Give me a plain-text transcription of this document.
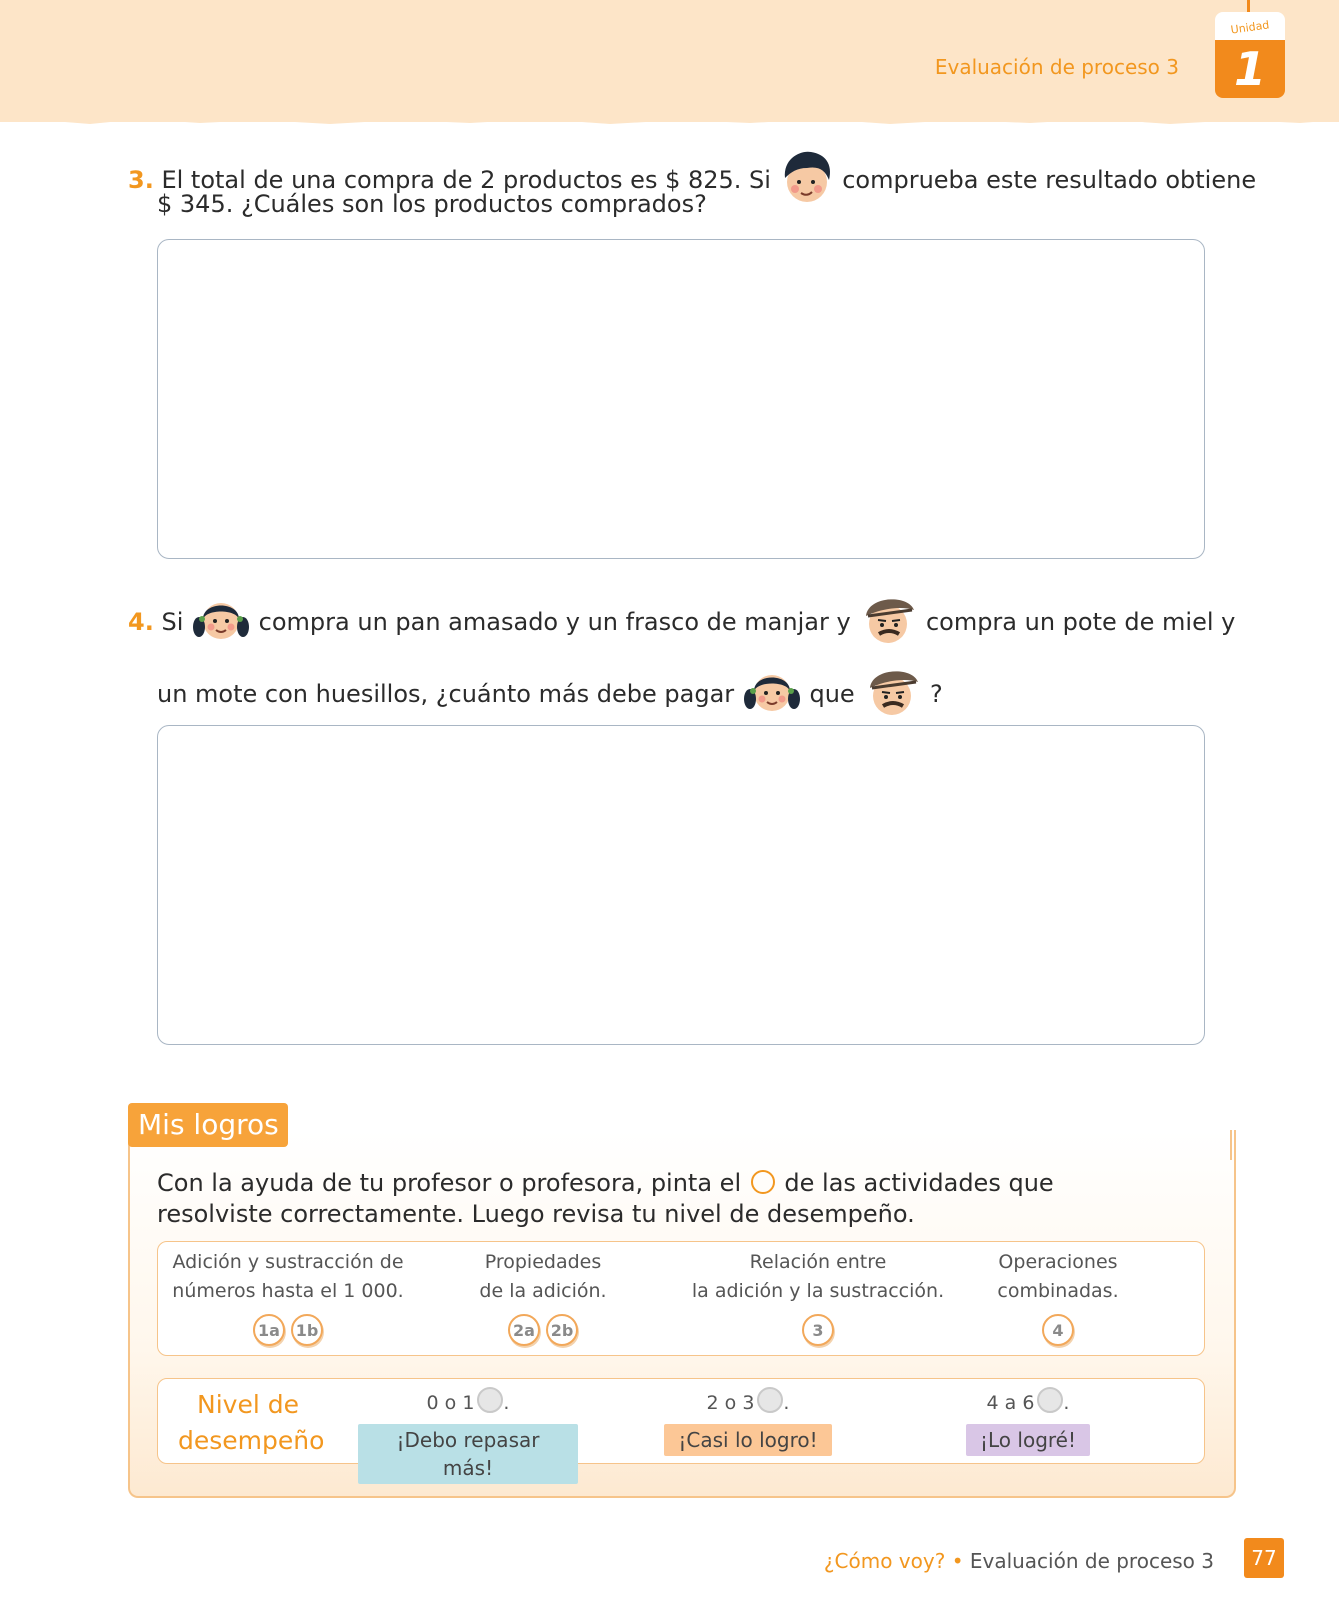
Evaluación de proceso 3
Unidad
1
3. El total de una compra de 2 productos es $ 825. Si	comprueba este resultado obtiene
$ 345. ¿Cuáles son los productos comprados?
4. Si	compra un pan amasado y un frasco de manjar y	compra un pote de miel y
un mote con huesillos, ¿cuánto más debe pagar	que	?
Mis logros
Con la ayuda de tu profesor o profesora, pinta el de las actividades que resolviste correctamente. Luego revisa tu nivel de desempeño.
Adición y sustracción de
números hasta el 1 000.
1a 1b
Propiedades
de la adición.
2a 2b
Relación entre
la adición y la sustracción.
3
Operaciones
combinadas.
4
Nivel de
desempeño
0 o 1 .
¡Debo repasar más!
2 o 3 .
¡Casi lo logro!
4 a 6 .
¡Lo logré!
¿Cómo voy? • Evaluación de proceso 3	77
